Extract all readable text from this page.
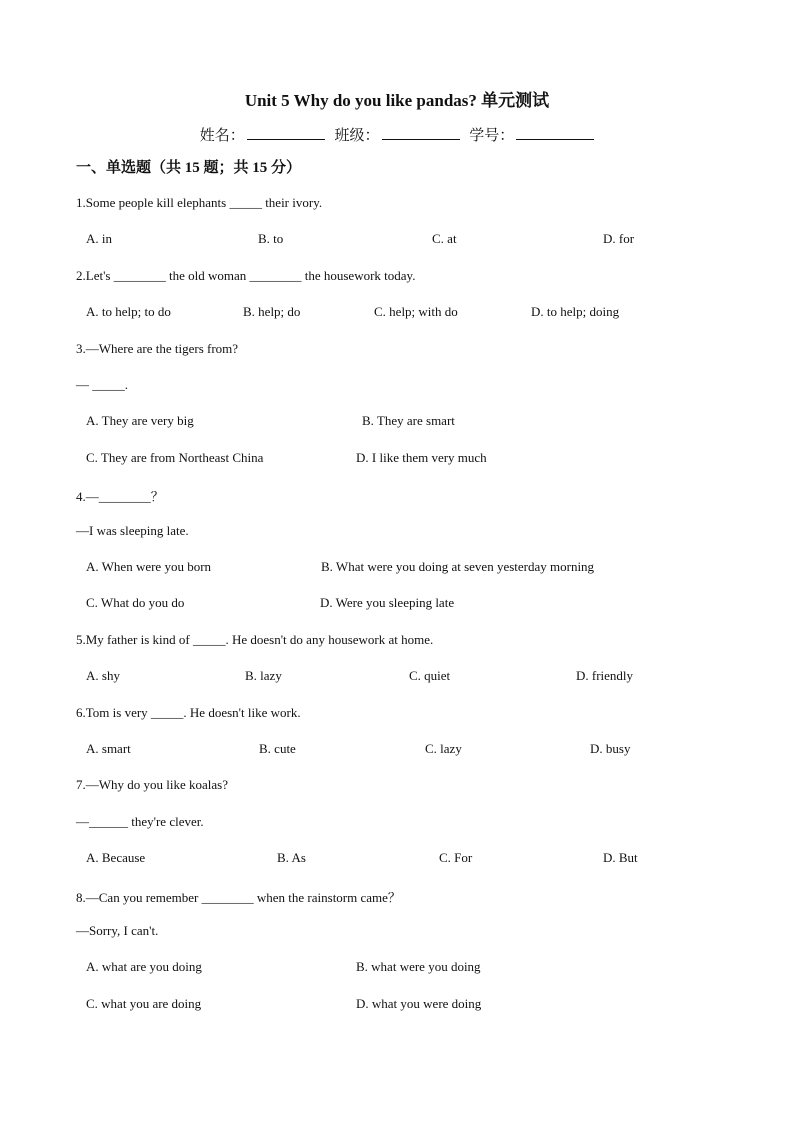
Unit 5 Why do you like pandas? 单元测试
姓名：	班级：	学号：
一、单选题（共 15 题；共 15 分）
1.Some people kill elephants _____ their ivory.
A. in	B. to	C. at	D. for
2.Let's ________ the old woman ________ the housework today.
A. to help; to do	B. help; do	C. help; with do	D. to help; doing
3.—Where are the tigers from?
— _____.
A. They are very big	B. They are smart
C. They are from Northeast China	D. I like them very much
4.—________？
—I was sleeping late.
A. When were you born	B. What were you doing at seven yesterday morning
C. What do you do	D. Were you sleeping late
5.My father is kind of _____. He doesn't do any housework at home.
A. shy	B. lazy	C. quiet	D. friendly
6.Tom is very _____. He doesn't like work.
A. smart	B. cute	C. lazy	D. busy
7.—Why do you like koalas?
—______ they're clever.
A. Because	B. As	C. For	D. But
8.—Can you remember ________ when the rainstorm came？
—Sorry, I can't.
A. what are you doing	B. what were you doing
C. what you are doing	D. what you were doing
